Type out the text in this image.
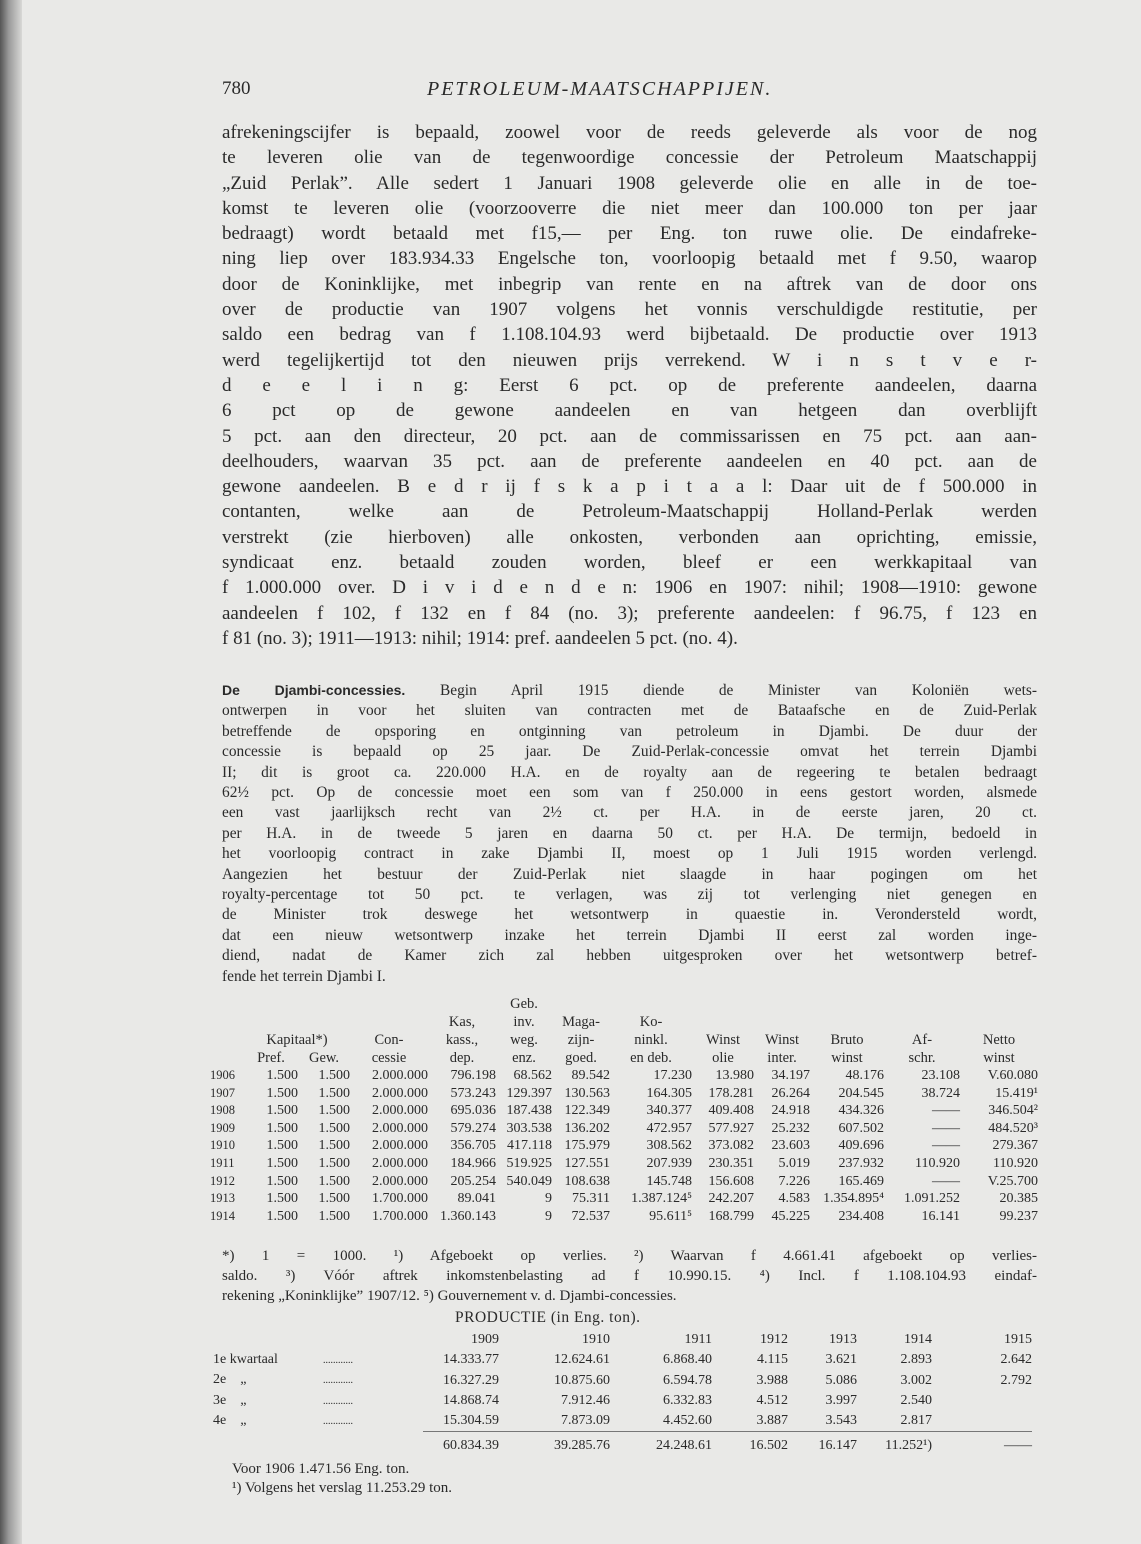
780	PETROLEUM-MAATSCHAPPIJEN.
afrekeningscijfer is bepaald, zoowel voor de reeds geleverde als voor de nog
te leveren olie van de tegenwoordige concessie der Petroleum Maatschappij
„Zuid Perlak”. Alle sedert 1 Januari 1908 geleverde olie en alle in de toe-
komst te leveren olie (voorzooverre die niet meer dan 100.000 ton per jaar
bedraagt) wordt betaald met f15,— per Eng. ton ruwe olie. De eindafreke-
ning liep over 183.934.33 Engelsche ton, voorloopig betaald met f 9.50, waarop
door de Koninklijke, met inbegrip van rente en na aftrek van de door ons
over de productie van 1907 volgens het vonnis verschuldigde restitutie, per
saldo een bedrag van f 1.108.104.93 werd bijbetaald. De productie over 1913
werd tegelijkertijd tot den nieuwen prijs verrekend. W i n s t v e r-
d e e l i n g: Eerst 6 pct. op de preferente aandeelen, daarna
6 pct op de gewone aandeelen en van hetgeen dan overblijft
5 pct. aan den directeur, 20 pct. aan de commissarissen en 75 pct. aan aan-
deelhouders, waarvan 35 pct. aan de preferente aandeelen en 40 pct. aan de
gewone aandeelen. B e d r ij f s k a p i t a a l: Daar uit de f 500.000 in
contanten, welke aan de Petroleum-Maatschappij Holland-Perlak werden
verstrekt (zie hierboven) alle onkosten, verbonden aan oprichting, emissie,
syndicaat enz. betaald zouden worden, bleef er een werkkapitaal van
f 1.000.000 over. D i v i d e n d e n: 1906 en 1907: nihil; 1908—1910: gewone
aandeelen f 102, f 132 en f 84 (no. 3); preferente aandeelen: f 96.75, f 123 en
f 81 (no. 3); 1911—1913: nihil; 1914: pref. aandeelen 5 pct. (no. 4).
De Djambi-concessies. Begin April 1915 diende de Minister van Koloniën wets-
ontwerpen in voor het sluiten van contracten met de Bataafsche en de Zuid-Perlak
betreffende de opsporing en ontginning van petroleum in Djambi. De duur der
concessie is bepaald op 25 jaar. De Zuid-Perlak-concessie omvat het terrein Djambi
II; dit is groot ca. 220.000 H.A. en de royalty aan de regeering te betalen bedraagt
62½ pct. Op de concessie moet een som van f 250.000 in eens gestort worden, alsmede
een vast jaarlijksch recht van 2½ ct. per H.A. in de eerste jaren, 20 ct.
per H.A. in de tweede 5 jaren en daarna 50 ct. per H.A. De termijn, bedoeld in
het voorloopig contract in zake Djambi II, moest op 1 Juli 1915 worden verlengd.
Aangezien het bestuur der Zuid-Perlak niet slaagde in haar pogingen om het
royalty-percentage tot 50 pct. te verlagen, was zij tot verlenging niet genegen en
de Minister trok deswege het wetsontwerp in quaestie in. Verondersteld wordt,
dat een nieuw wetsontwerp inzake het terrein Djambi II eerst zal worden inge-
diend, nadat de Kamer zich zal hebben uitgesproken over het wetsontwerp betref-
fende het terrein Djambi I.
					Geb.							
				Kas,	inv.	Maga-	Ko-					
	Kapitaal*)		Con-	kass.,	weg.	zijn-	ninkl.	Winst	Winst	Bruto	Af-	Netto
	Pref.	Gew.	cessie	dep.	enz.	goed.	en deb.	olie	inter.	winst	schr.	winst
1906	1.500	1.500	2.000.000	796.198	68.562	89.542	17.230	13.980	34.197	48.176	23.108	V.60.080
1907	1.500	1.500	2.000.000	573.243	129.397	130.563	164.305	178.281	26.264	204.545	38.724	15.419¹
1908	1.500	1.500	2.000.000	695.036	187.438	122.349	340.377	409.408	24.918	434.326	——	346.504²
1909	1.500	1.500	2.000.000	579.274	303.538	136.202	472.957	577.927	25.232	607.502	——	484.520³
1910	1.500	1.500	2.000.000	356.705	417.118	175.979	308.562	373.082	23.603	409.696	——	279.367
1911	1.500	1.500	2.000.000	184.966	519.925	127.551	207.939	230.351	5.019	237.932	110.920	110.920
1912	1.500	1.500	2.000.000	205.254	540.049	108.638	145.748	156.608	7.226	165.469	——	V.25.700
1913	1.500	1.500	1.700.000	89.041	9	75.311	1.387.124⁵	242.207	4.583	1.354.895⁴	1.091.252	20.385
1914	1.500	1.500	1.700.000	1.360.143	9	72.537	95.611⁵	168.799	45.225	234.408	16.141	99.237
*) 1 = 1000. ¹) Afgeboekt op verlies. ²) Waarvan f 4.661.41 afgeboekt op verlies-
saldo. ³) Vóór aftrek inkomstenbelasting ad f 10.990.15. ⁴) Incl. f 1.108.104.93 eindaf-
rekening „Koninklijke” 1907/12. ⁵) Gouvernement v. d. Djambi-concessies.
PRODUCTIE (in Eng. ton).
	1909	1910	1911	1912	1913	1914	1915
1e kwartaal ............	14.333.77	12.624.61	6.868.40	4.115	3.621	2.893	2.642
2e    „ ............	16.327.29	10.875.60	6.594.78	3.988	5.086	3.002	2.792
3e    „ ............	14.868.74	7.912.46	6.332.83	4.512	3.997	2.540	
4e    „ ............	15.304.59	7.873.09	4.452.60	3.887	3.543	2.817	
	60.834.39	39.285.76	24.248.61	16.502	16.147	11.252¹)	——
Voor 1906 1.471.56 Eng. ton.
¹) Volgens het verslag 11.253.29 ton.
